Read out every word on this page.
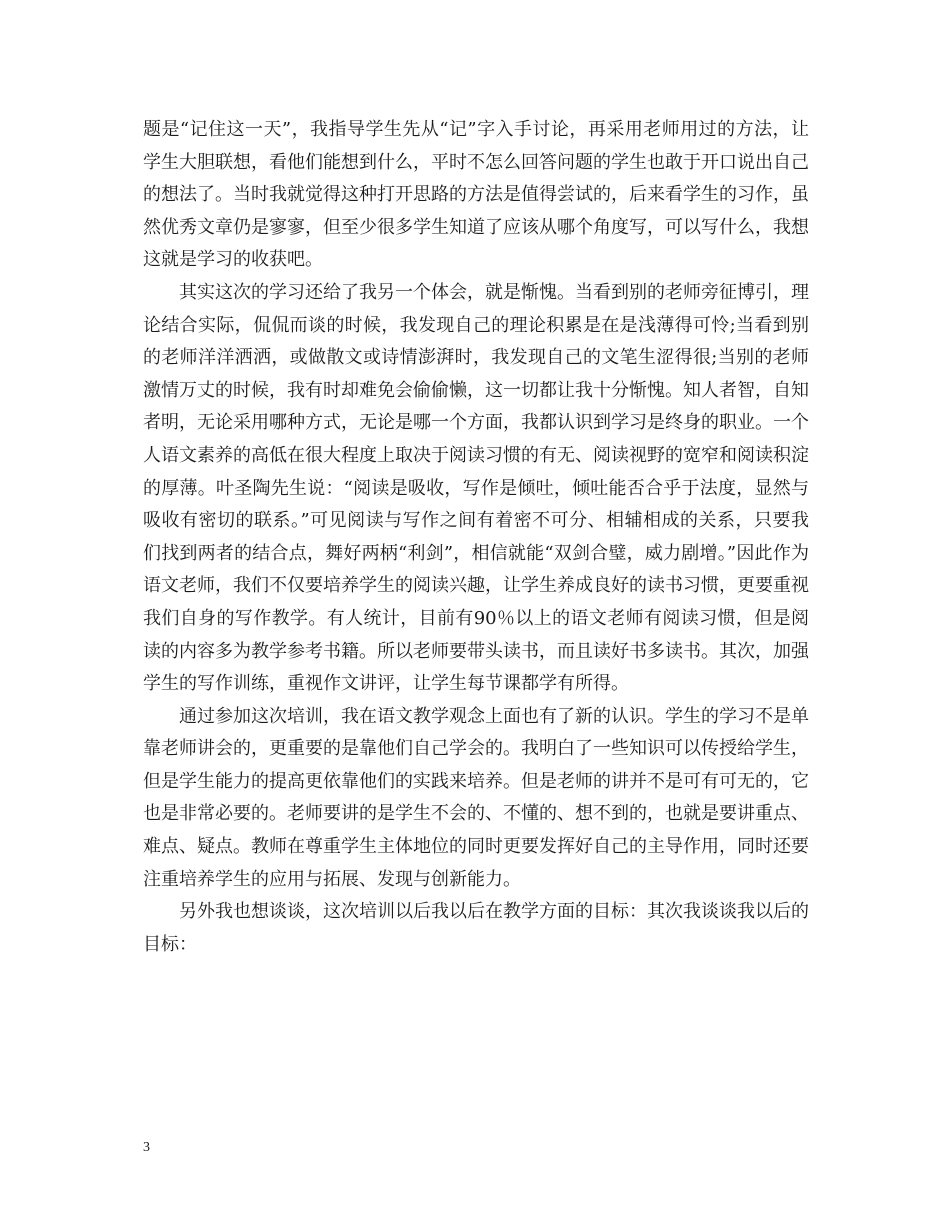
题是“记住这一天”，我指导学生先从“记”字入手讨论，再采用老师用过的方法，让学生大胆联想，看他们能想到什么，平时不怎么回答问题的学生也敢于开口说出自己的想法了。当时我就觉得这种打开思路的方法是值得尝试的，后来看学生的习作，虽然优秀文章仍是寥寥，但至少很多学生知道了应该从哪个角度写，可以写什么，我想这就是学习的收获吧。

其实这次的学习还给了我另一个体会，就是惭愧。当看到别的老师旁征博引，理论结合实际，侃侃而谈的时候，我发现自己的理论积累是在是浅薄得可怜;当看到别的老师洋洋洒洒，或做散文或诗情澎湃时，我发现自己的文笔生涩得很;当别的老师激情万丈的时候，我有时却难免会偷偷懒，这一切都让我十分惭愧。知人者智，自知者明，无论采用哪种方式，无论是哪一个方面，我都认识到学习是终身的职业。一个人语文素养的高低在很大程度上取决于阅读习惯的有无、阅读视野的宽窄和阅读积淀的厚薄。叶圣陶先生说：“阅读是吸收，写作是倾吐，倾吐能否合乎于法度，显然与吸收有密切的联系。”可见阅读与写作之间有着密不可分、相辅相成的关系，只要我们找到两者的结合点，舞好两柄“利剑”，相信就能“双剑合璧，威力剧增。”因此作为语文老师，我们不仅要培养学生的阅读兴趣，让学生养成良好的读书习惯，更要重视我们自身的写作教学。有人统计，目前有90％以上的语文老师有阅读习惯，但是阅读的内容多为教学参考书籍。所以老师要带头读书，而且读好书多读书。其次，加强学生的写作训练，重视作文讲评，让学生每节课都学有所得。

通过参加这次培训，我在语文教学观念上面也有了新的认识。学生的学习不是单靠老师讲会的，更重要的是靠他们自己学会的。我明白了一些知识可以传授给学生，但是学生能力的提高更依靠他们的实践来培养。但是老师的讲并不是可有可无的，它也是非常必要的。老师要讲的是学生不会的、不懂的、想不到的，也就是要讲重点、难点、疑点。教师在尊重学生主体地位的同时更要发挥好自己的主导作用，同时还要注重培养学生的应用与拓展、发现与创新能力。

另外我也想谈谈，这次培训以后我以后在教学方面的目标：其次我谈谈我以后的目标：

3
